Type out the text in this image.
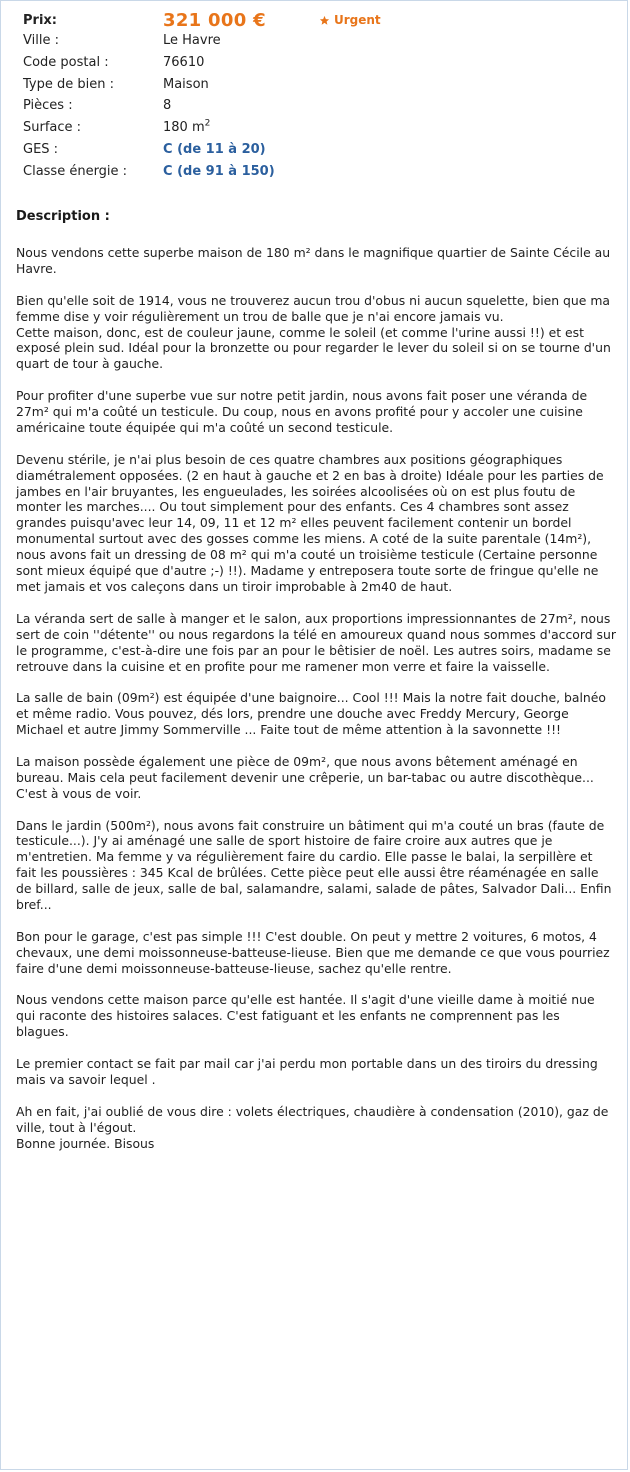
Prix:	321 000 €	Urgent
Ville :	Le Havre
Code postal :	76610
Type de bien :	Maison
Pièces :	8
Surface :	180 $m^2$
GES :	C (de 11 à 20)
Classe énergie :	C (de 91 à 150)
Description :

Nous vendons cette superbe maison de 180 m² dans le magnifique quartier de Sainte Cécile au Havre.

Bien qu'elle soit de 1914, vous ne trouverez aucun trou d'obus ni aucun squelette, bien que ma femme dise y voir régulièrement un trou de balle que je n'ai encore jamais vu.
Cette maison, donc, est de couleur jaune, comme le soleil (et comme l'urine aussi !!) et est exposé plein sud. Idéal pour la bronzette ou pour regarder le lever du soleil si on se tourne d'un quart de tour à gauche.

Pour profiter d'une superbe vue sur notre petit jardin, nous avons fait poser une véranda de 27m² qui m'a coûté un testicule. Du coup, nous en avons profité pour y accoler une cuisine américaine toute équipée qui m'a coûté un second testicule.

Devenu stérile, je n'ai plus besoin de ces quatre chambres aux positions géographiques diamétralement opposées. (2 en haut à gauche et 2 en bas à droite) Idéale pour les parties de jambes en l'air bruyantes, les engueulades, les soirées alcoolisées où on est plus foutu de monter les marches.... Ou tout simplement pour des enfants. Ces 4 chambres sont assez grandes puisqu'avec leur 14, 09, 11 et 12 m² elles peuvent facilement contenir un bordel monumental surtout avec des gosses comme les miens. A coté de la suite parentale (14m²), nous avons fait un dressing de 08 m² qui m'a couté un troisième testicule (Certaine personne sont mieux équipé que d'autre ;-) !!). Madame y entreposera toute sorte de fringue qu'elle ne met jamais et vos caleçons dans un tiroir improbable à 2m40 de haut.

La véranda sert de salle à manger et le salon, aux proportions impressionnantes de 27m², nous sert de coin ''détente'' ou nous regardons la télé en amoureux quand nous sommes d'accord sur le programme, c'est-à-dire une fois par an pour le bêtisier de noël. Les autres soirs, madame se retrouve dans la cuisine et en profite pour me ramener mon verre et faire la vaisselle.

La salle de bain (09m²) est équipée d'une baignoire... Cool !!! Mais la notre fait douche, balnéo et même radio. Vous pouvez, dés lors, prendre une douche avec Freddy Mercury, George Michael et autre Jimmy Sommerville ... Faite tout de même attention à la savonnette !!!

La maison possède également une pièce de 09m², que nous avons bêtement aménagé en bureau. Mais cela peut facilement devenir une crêperie, un bar-tabac ou autre discothèque... C'est à vous de voir.

Dans le jardin (500m²), nous avons fait construire un bâtiment qui m'a couté un bras (faute de testicule...). J'y ai aménagé une salle de sport histoire de faire croire aux autres que je m'entretien. Ma femme y va régulièrement faire du cardio. Elle passe le balai, la serpillère et fait les poussières : 345 Kcal de brûlées. Cette pièce peut elle aussi être réaménagée en salle de billard, salle de jeux, salle de bal, salamandre, salami, salade de pâtes, Salvador Dali... Enfin bref...

Bon pour le garage, c'est pas simple !!! C'est double. On peut y mettre 2 voitures, 6 motos, 4 chevaux, une demi moissonneuse-batteuse-lieuse. Bien que me demande ce que vous pourriez faire d'une demi moissonneuse-batteuse-lieuse, sachez qu'elle rentre.

Nous vendons cette maison parce qu'elle est hantée. Il s'agit d'une vieille dame à moitié nue qui raconte des histoires salaces. C'est fatiguant et les enfants ne comprennent pas les blagues.

Le premier contact se fait par mail car j'ai perdu mon portable dans un des tiroirs du dressing mais va savoir lequel .

Ah en fait, j'ai oublié de vous dire : volets électriques, chaudière à condensation (2010), gaz de ville, tout à l'égout.
Bonne journée. Bisous
